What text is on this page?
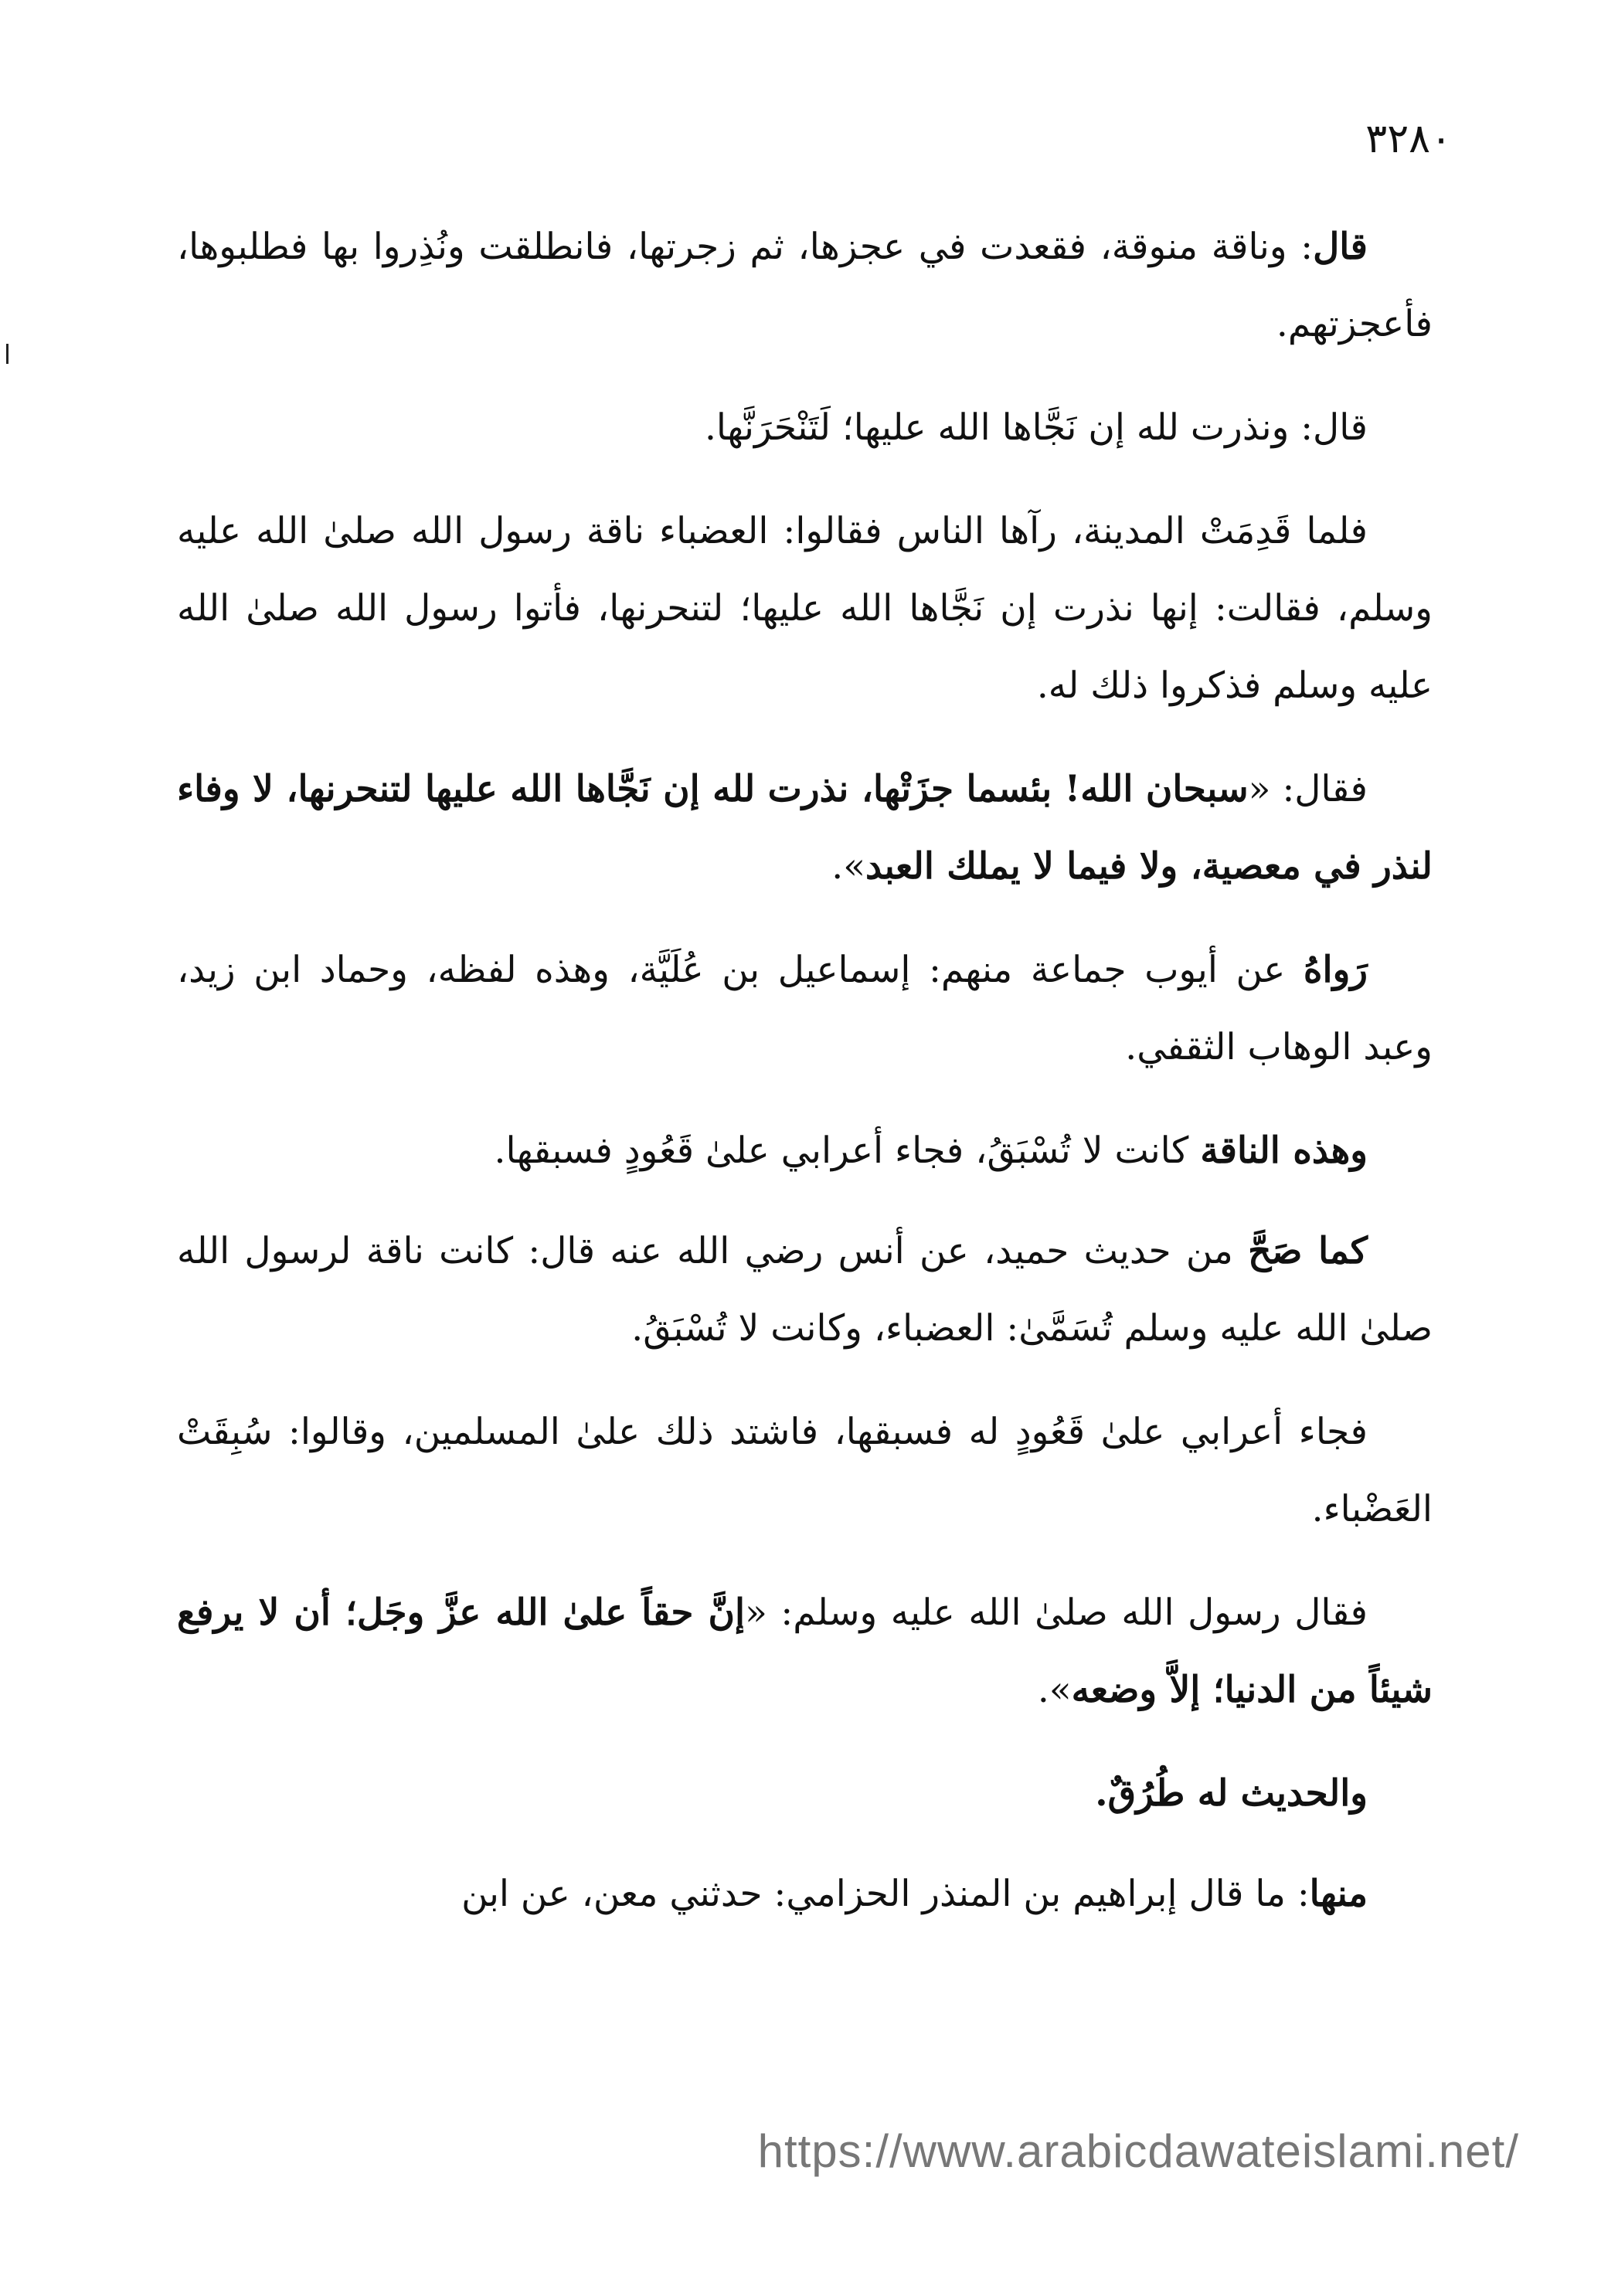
٣٢٨٠

قال: وناقة منوقة، فقعدت في عجزها، ثم زجرتها، فانطلقت ونُذِروا بها فطلبوها، فأعجزتهم.

قال: ونذرت لله إن نَجَّاها الله عليها؛ لَتَنْحَرَنَّها.

فلما قَدِمَتْ المدينة، رآها الناس فقالوا: العضباء ناقة رسول الله صلىٰ الله عليه وسلم، فقالت: إنها نذرت إن نَجَّاها الله عليها؛ لتنحرنها، فأتوا رسول الله صلىٰ الله عليه وسلم فذكروا ذلك له.

فقال: «سبحان الله! بئسما جزَتْها، نذرت لله إن نَجَّاها الله عليها لتنحرنها، لا وفاء لنذر في معصية، ولا فيما لا يملك العبد».

رَواهُ عن أيوب جماعة منهم: إسماعيل بن عُلَيَّة، وهذه لفظه، وحماد ابن زيد، وعبد الوهاب الثقفي.

وهذه الناقة كانت لا تُسْبَقُ، فجاء أعرابي علىٰ قَعُودٍ فسبقها.

كما صَحَّ من حديث حميد، عن أنس رضي الله عنه قال: كانت ناقة لرسول الله صلىٰ الله عليه وسلم تُسَمَّىٰ: العضباء، وكانت لا تُسْبَقُ.

فجاء أعرابي علىٰ قَعُودٍ له فسبقها، فاشتد ذلك علىٰ المسلمين، وقالوا: سُبِقَتْ العَضْباء.

فقال رسول الله صلىٰ الله عليه وسلم: «إنَّ حقاً علىٰ الله عزَّ وجَل؛ أن لا يرفع شيئاً من الدنيا؛ إلاَّ وضعه».

والحديث له طُرُقٌ.

منها: ما قال إبراهيم بن المنذر الحزامي: حدثني معن، عن ابن

https://www.arabicdawateislami.net/
